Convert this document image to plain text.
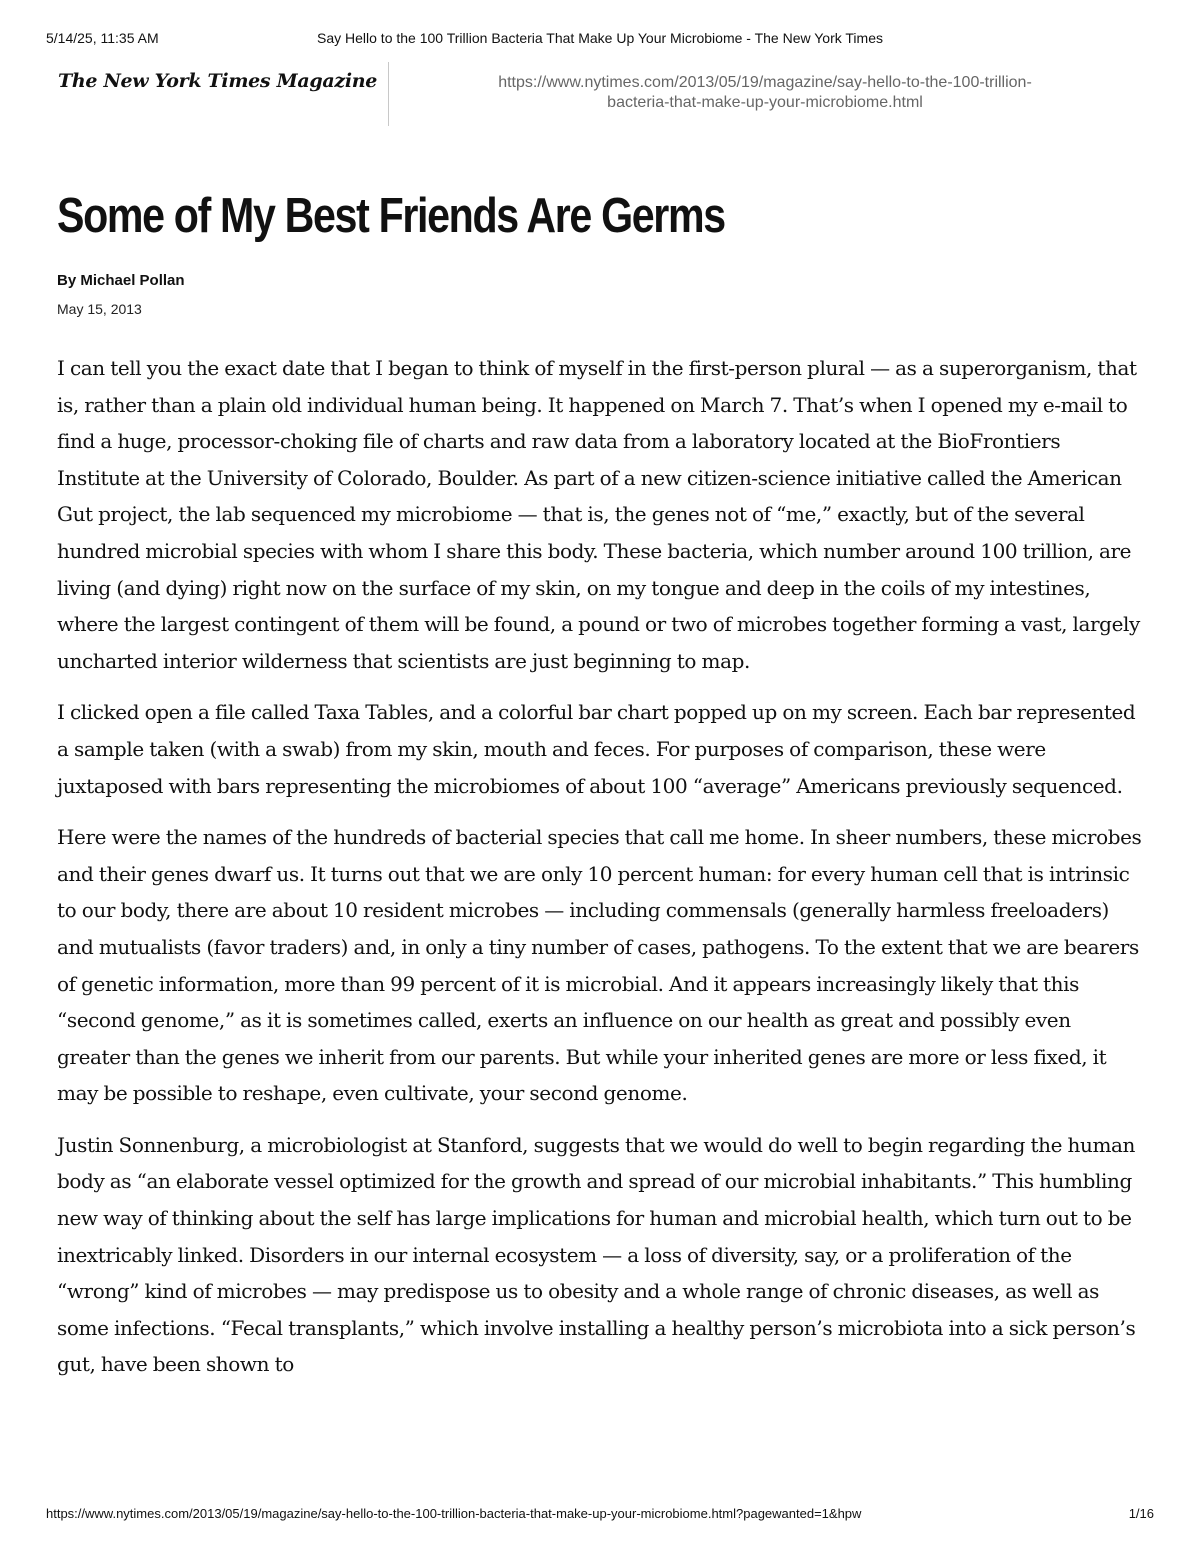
5/14/25, 11:35 AM	Say Hello to the 100 Trillion Bacteria That Make Up Your Microbiome - The New York Times
The New York Times Magazine	https://www.nytimes.com/2013/05/19/magazine/say-hello-to-the-100-trillion-
bacteria-that-make-up-your-microbiome.html
Some of My Best Friends Are Germs
By Michael Pollan
May 15, 2013

I can tell you the exact date that I began to think of myself in the first-person plural — as a superorganism, that is, rather than a plain old individual human being. It happened on March 7. That’s when I opened my e-mail to find a huge, processor-choking file of charts and raw data from a laboratory located at the BioFrontiers Institute at the University of Colorado, Boulder. As part of a new citizen-science initiative called the American Gut project, the lab sequenced my microbiome — that is, the genes not of “me,” exactly, but of the several hundred microbial species with whom I share this body. These bacteria, which number around 100 trillion, are living (and dying) right now on the surface of my skin, on my tongue and deep in the coils of my intestines, where the largest contingent of them will be found, a pound or two of microbes together forming a vast, largely uncharted interior wilderness that scientists are just beginning to map.

I clicked open a file called Taxa Tables, and a colorful bar chart popped up on my screen. Each bar represented a sample taken (with a swab) from my skin, mouth and feces. For purposes of comparison, these were juxtaposed with bars representing the microbiomes of about 100 “average” Americans previously sequenced.

Here were the names of the hundreds of bacterial species that call me home. In sheer numbers, these microbes and their genes dwarf us. It turns out that we are only 10 percent human: for every human cell that is intrinsic to our body, there are about 10 resident microbes — including commensals (generally harmless freeloaders) and mutualists (favor traders) and, in only a tiny number of cases, pathogens. To the extent that we are bearers of genetic information, more than 99 percent of it is microbial. And it appears increasingly likely that this “second genome,” as it is sometimes called, exerts an influence on our health as great and possibly even greater than the genes we inherit from our parents. But while your inherited genes are more or less fixed, it may be possible to reshape, even cultivate, your second genome.

Justin Sonnenburg, a microbiologist at Stanford, suggests that we would do well to begin regarding the human body as “an elaborate vessel optimized for the growth and spread of our microbial inhabitants.” This humbling new way of thinking about the self has large implications for human and microbial health, which turn out to be inextricably linked. Disorders in our internal ecosystem — a loss of diversity, say, or a proliferation of the “wrong” kind of microbes — may predispose us to obesity and a whole range of chronic diseases, as well as some infections. “Fecal transplants,” which involve installing a healthy person’s microbiota into a sick person’s gut, have been shown to

https://www.nytimes.com/2013/05/19/magazine/say-hello-to-the-100-trillion-bacteria-that-make-up-your-microbiome.html?pagewanted=1&hpw	1/16
